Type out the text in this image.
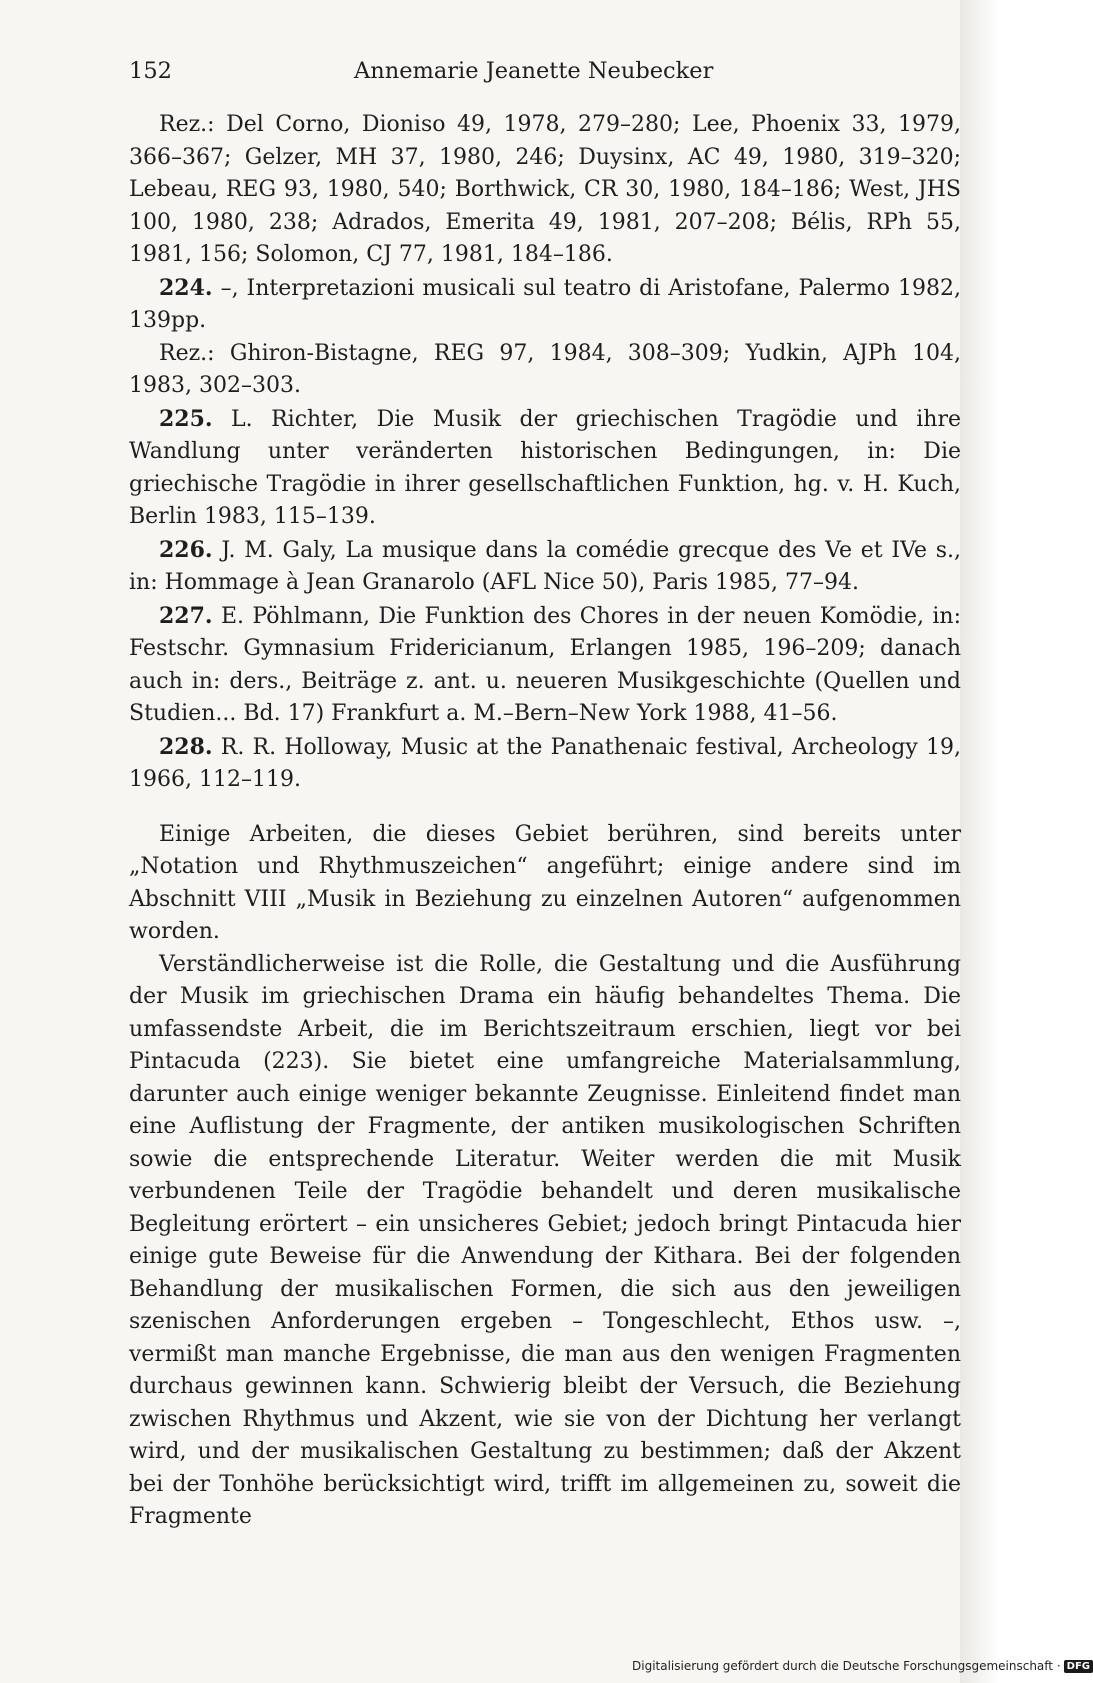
152	Annemarie Jeanette Neubecker

Rez.: Del Corno, Dioniso 49, 1978, 279–280; Lee, Phoenix 33, 1979, 366–367; Gelzer, MH 37, 1980, 246; Duysinx, AC 49, 1980, 319–320; Lebeau, REG 93, 1980, 540; Borthwick, CR 30, 1980, 184–186; West, JHS 100, 1980, 238; Adrados, Emerita 49, 1981, 207–208; Bélis, RPh 55, 1981, 156; Solomon, CJ 77, 1981, 184–186.

224. –, Interpretazioni musicali sul teatro di Aristofane, Palermo 1982, 139pp.

Rez.: Ghiron-Bistagne, REG 97, 1984, 308–309; Yudkin, AJPh 104, 1983, 302–303.

225. L. Richter, Die Musik der griechischen Tragödie und ihre Wandlung unter veränderten historischen Bedingungen, in: Die griechische Tragödie in ihrer gesellschaftlichen Funktion, hg. v. H. Kuch, Berlin 1983, 115–139.

226. J. M. Galy, La musique dans la comédie grecque des Ve et IVe s., in: Hommage à Jean Granarolo (AFL Nice 50), Paris 1985, 77–94.

227. E. Pöhlmann, Die Funktion des Chores in der neuen Komödie, in: Festschr. Gymnasium Fridericianum, Erlangen 1985, 196–209; danach auch in: ders., Beiträge z. ant. u. neueren Musikgeschichte (Quellen und Studien... Bd. 17) Frankfurt a. M.–Bern–New York 1988, 41–56.

228. R. R. Holloway, Music at the Panathenaic festival, Archeology 19, 1966, 112–119.

Einige Arbeiten, die dieses Gebiet berühren, sind bereits unter „Notation und Rhythmuszeichen“ angeführt; einige andere sind im Abschnitt VIII „Musik in Beziehung zu einzelnen Autoren“ aufgenommen worden.

Verständlicherweise ist die Rolle, die Gestaltung und die Ausführung der Musik im griechischen Drama ein häufig behandeltes Thema. Die umfassendste Arbeit, die im Berichtszeitraum erschien, liegt vor bei Pintacuda (223). Sie bietet eine umfangreiche Materialsammlung, darunter auch einige weniger bekannte Zeugnisse. Einleitend findet man eine Auflistung der Fragmente, der antiken musikologischen Schriften sowie die entsprechende Literatur. Weiter werden die mit Musik verbundenen Teile der Tragödie behandelt und deren musikalische Begleitung erörtert – ein unsicheres Gebiet; jedoch bringt Pintacuda hier einige gute Beweise für die Anwendung der Kithara. Bei der folgenden Behandlung der musikalischen Formen, die sich aus den jeweiligen szenischen Anforderungen ergeben – Tongeschlecht, Ethos usw. –, vermißt man manche Ergebnisse, die man aus den wenigen Fragmenten durchaus gewinnen kann. Schwierig bleibt der Versuch, die Beziehung zwischen Rhythmus und Akzent, wie sie von der Dichtung her verlangt wird, und der musikalischen Gestaltung zu bestimmen; daß der Akzent bei der Tonhöhe berücksichtigt wird, trifft im allgemeinen zu, soweit die Fragmente

Digitalisierung gefördert durch die Deutsche Forschungsgemeinschaft · DFG
